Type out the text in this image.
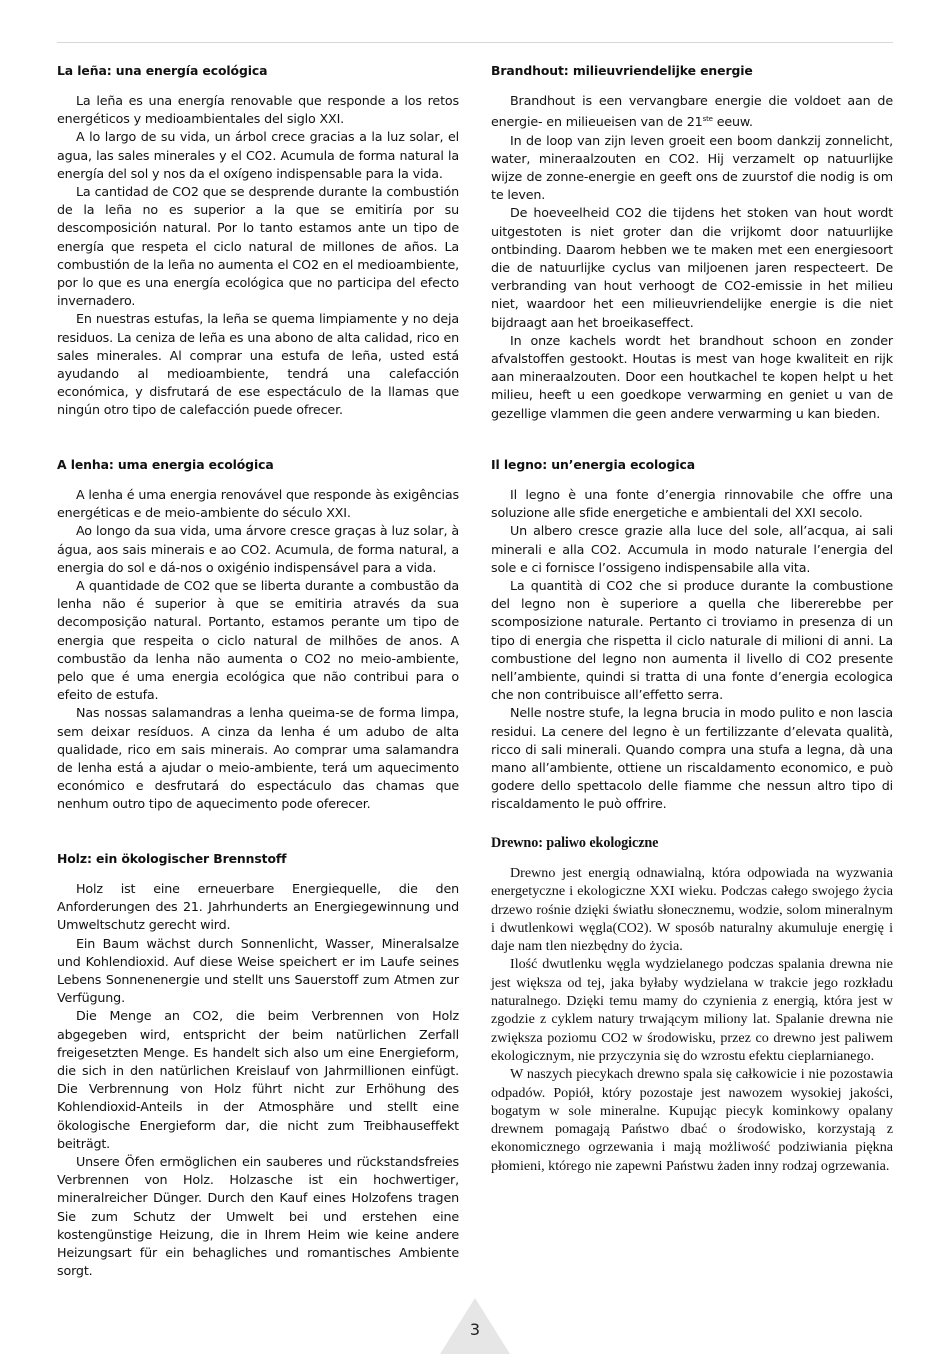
La leña: una energía ecológica

La leña es una energía renovable que responde a los retos energéticos y medioambientales del siglo XXI.

A lo largo de su vida, un árbol crece gracias a la luz solar, el agua, las sales minerales y el CO2. Acumula de forma natural la energía del sol y nos da el oxígeno indispensable para la vida.

La cantidad de CO2 que se desprende durante la combustión de la leña no es superior a la que se emitiría por su descomposición natural. Por lo tanto estamos ante un tipo de energía que respeta el ciclo natural de millones de años. La combustión de la leña no aumenta el CO2 en el medioambiente, por lo que es una energía ecológica que no participa del efecto invernadero.

En nuestras estufas, la leña se quema limpiamente y no deja residuos. La ceniza de leña es una abono de alta calidad, rico en sales minerales. Al comprar una estufa de leña, usted está ayudando al medioambiente, tendrá una calefacción económica, y disfrutará de ese espectáculo de la llamas que ningún otro tipo de calefacción puede ofrecer.

A lenha: uma energia ecológica

A lenha é uma energia renovável que responde às exigências energéticas e de meio-ambiente do século XXI.

Ao longo da sua vida, uma árvore cresce graças à luz solar, à água, aos sais minerais e ao CO2. Acumula, de forma natural, a energia do sol e dá-nos o oxigénio indispensável para a vida.

A quantidade de CO2 que se liberta durante a combustão da lenha não é superior à que se emitiria através da sua decomposição natural. Portanto, estamos perante um tipo de energia que respeita o ciclo natural de milhões de anos. A combustão da lenha não aumenta o CO2 no meio-ambiente, pelo que é uma energia ecológica que não contribui para o efeito de estufa.

Nas nossas salamandras a lenha queima-se de forma limpa, sem deixar resíduos. A cinza da lenha é um adubo de alta qualidade, rico em sais minerais. Ao comprar uma salamandra de lenha está a ajudar o meio-ambiente, terá um aquecimento económico e desfrutará do espectáculo das chamas que nenhum outro tipo de aquecimento pode oferecer.

Holz: ein ökologischer Brennstoff

Holz ist eine erneuerbare Energiequelle, die den Anforderungen des 21. Jahrhunderts an Energiegewinnung und Umweltschutz gerecht wird.

Ein Baum wächst durch Sonnenlicht, Wasser, Mineralsalze und Kohlendioxid. Auf diese Weise speichert er im Laufe seines Lebens Sonnenenergie und stellt uns Sauerstoff zum Atmen zur Verfügung.

Die Menge an CO2, die beim Verbrennen von Holz abgegeben wird, entspricht der beim natürlichen Zerfall freigesetzten Menge. Es handelt sich also um eine Energieform, die sich in den natürlichen Kreislauf von Jahrmillionen einfügt. Die Verbrennung von Holz führt nicht zur Erhöhung des Kohlendioxid-Anteils in der Atmosphäre und stellt eine ökologische Energieform dar, die nicht zum Treibhauseffekt beiträgt.

Unsere Öfen ermöglichen ein sauberes und rückstandsfreies Verbrennen von Holz. Holzasche ist ein hochwertiger, mineralreicher Dünger. Durch den Kauf eines Holzofens tragen Sie zum Schutz der Umwelt bei und erstehen eine kostengünstige Heizung, die in Ihrem Heim wie keine andere Heizungsart für ein behagliches und romantisches Ambiente sorgt.

Brandhout: milieuvriendelijke energie

Brandhout is een vervangbare energie die voldoet aan de energie- en milieueisen van de 21ste eeuw.

In de loop van zijn leven groeit een boom dankzij zonnelicht, water, mineraalzouten en CO2. Hij verzamelt op natuurlijke wijze de zonne-energie en geeft ons de zuurstof die nodig is om te leven.

De hoeveelheid CO2 die tijdens het stoken van hout wordt uitgestoten is niet groter dan die vrijkomt door natuurlijke ontbinding. Daarom hebben we te maken met een energiesoort die de natuurlijke cyclus van miljoenen jaren respecteert. De verbranding van hout verhoogt de CO2-emissie in het milieu niet, waardoor het een milieuvriendelijke energie is die niet bijdraagt aan het broeikaseffect.

In onze kachels wordt het brandhout schoon en zonder afvalstoffen gestookt. Houtas is mest van hoge kwaliteit en rijk aan mineraalzouten. Door een houtkachel te kopen helpt u het milieu, heeft u een goedkope verwarming en geniet u van de gezellige vlammen die geen andere verwarming u kan bieden.

Il legno: un’energia ecologica

Il legno è una fonte d’energia rinnovabile che offre una soluzione alle sfide energetiche e ambientali del XXI secolo.

Un albero cresce grazie alla luce del sole, all’acqua, ai sali minerali e alla CO2. Accumula in modo naturale l’energia del sole e ci fornisce l’ossigeno indispensabile alla vita.

La quantità di CO2 che si produce durante la combustione del legno non è superiore a quella che libererebbe per scomposizione naturale. Pertanto ci troviamo in presenza di un tipo di energia che rispetta il ciclo naturale di milioni di anni. La combustione del legno non aumenta il livello di CO2 presente nell’ambiente, quindi si tratta di una fonte d’energia ecologica che non contribuisce all’effetto serra.

Nelle nostre stufe, la legna brucia in modo pulito e non lascia residui. La cenere del legno è un fertilizzante d’elevata qualità, ricco di sali minerali. Quando compra una stufa a legna, dà una mano all’ambiente, ottiene un riscaldamento economico, e può godere dello spettacolo delle fiamme che nessun altro tipo di riscaldamento le può offrire.

Drewno: paliwo ekologiczne

Drewno jest energią odnawialną, która odpowiada na wyzwania energetyczne i ekologiczne XXI wieku. Podczas całego swojego życia drzewo rośnie dzięki światłu słonecznemu, wodzie, solom mineralnym i dwutlenkowi węgla(CO2). W sposób naturalny akumuluje energię i daje nam tlen niezbędny do życia.

Ilość dwutlenku węgla wydzielanego podczas spalania drewna nie jest większa od tej, jaka byłaby wydzielana w trakcie jego rozkładu naturalnego. Dzięki temu mamy do czynienia z energią, która jest w zgodzie z cyklem natury trwającym miliony lat. Spalanie drewna nie zwiększa poziomu CO2 w środowisku, przez co drewno jest paliwem ekologicznym, nie przyczynia się do wzrostu efektu cieplarnianego.

W naszych piecykach drewno spala się całkowicie i nie pozostawia odpadów. Popiół, który pozostaje jest nawozem wysokiej jakości, bogatym w sole mineralne. Kupując piecyk kominkowy opalany drewnem pomagają Państwo dbać o środowisko, korzystają z ekonomicznego ogrzewania i mają możliwość podziwiania piękna płomieni, którego nie zapewni Państwu żaden inny rodzaj ogrzewania.

3
